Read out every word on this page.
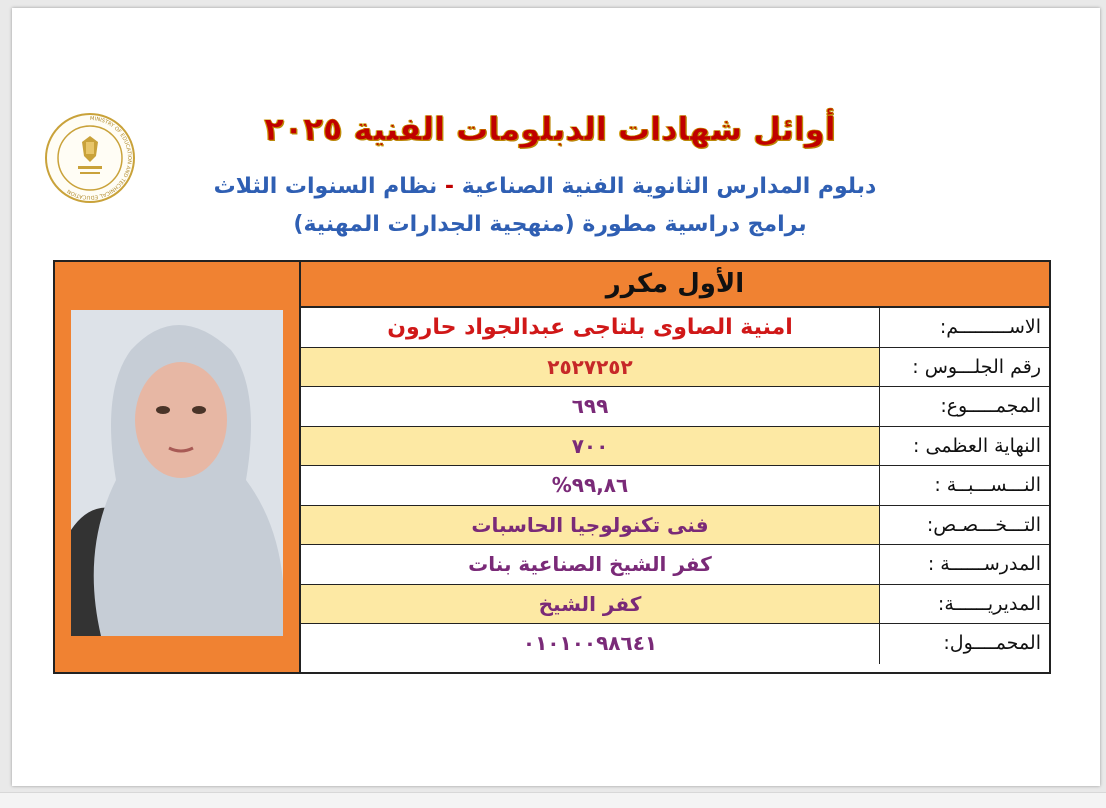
MINISTRY OF EDUCATION AND TECHNICAL EDUCATION
أوائل شهادات الدبلومات الفنية ٢٠٢٥
دبلوم المدارس الثانوية الفنية الصناعية - نظام السنوات الثلاث
برامج دراسية مطورة (منهجية الجدارات المهنية)
الأول مكرر
الاســـــــــم:
امنية الصاوى بلتاجى عبدالجواد حارون
رقم الجلـــوس :
٢٥٢٧٢٥٢
المجمـــــوع:
٦٩٩
النهاية العظمى :
٧٠٠
النـــســـبــة :
٩٩,٨٦%
التـــخـــصـص:
فنى تكنولوجيا الحاسبات
المدرســــــة :
كفر الشيخ الصناعية بنات
المديريــــــة:
كفر الشيخ
المحمــــول:
٠١٠١٠٠٩٨٦٤١
